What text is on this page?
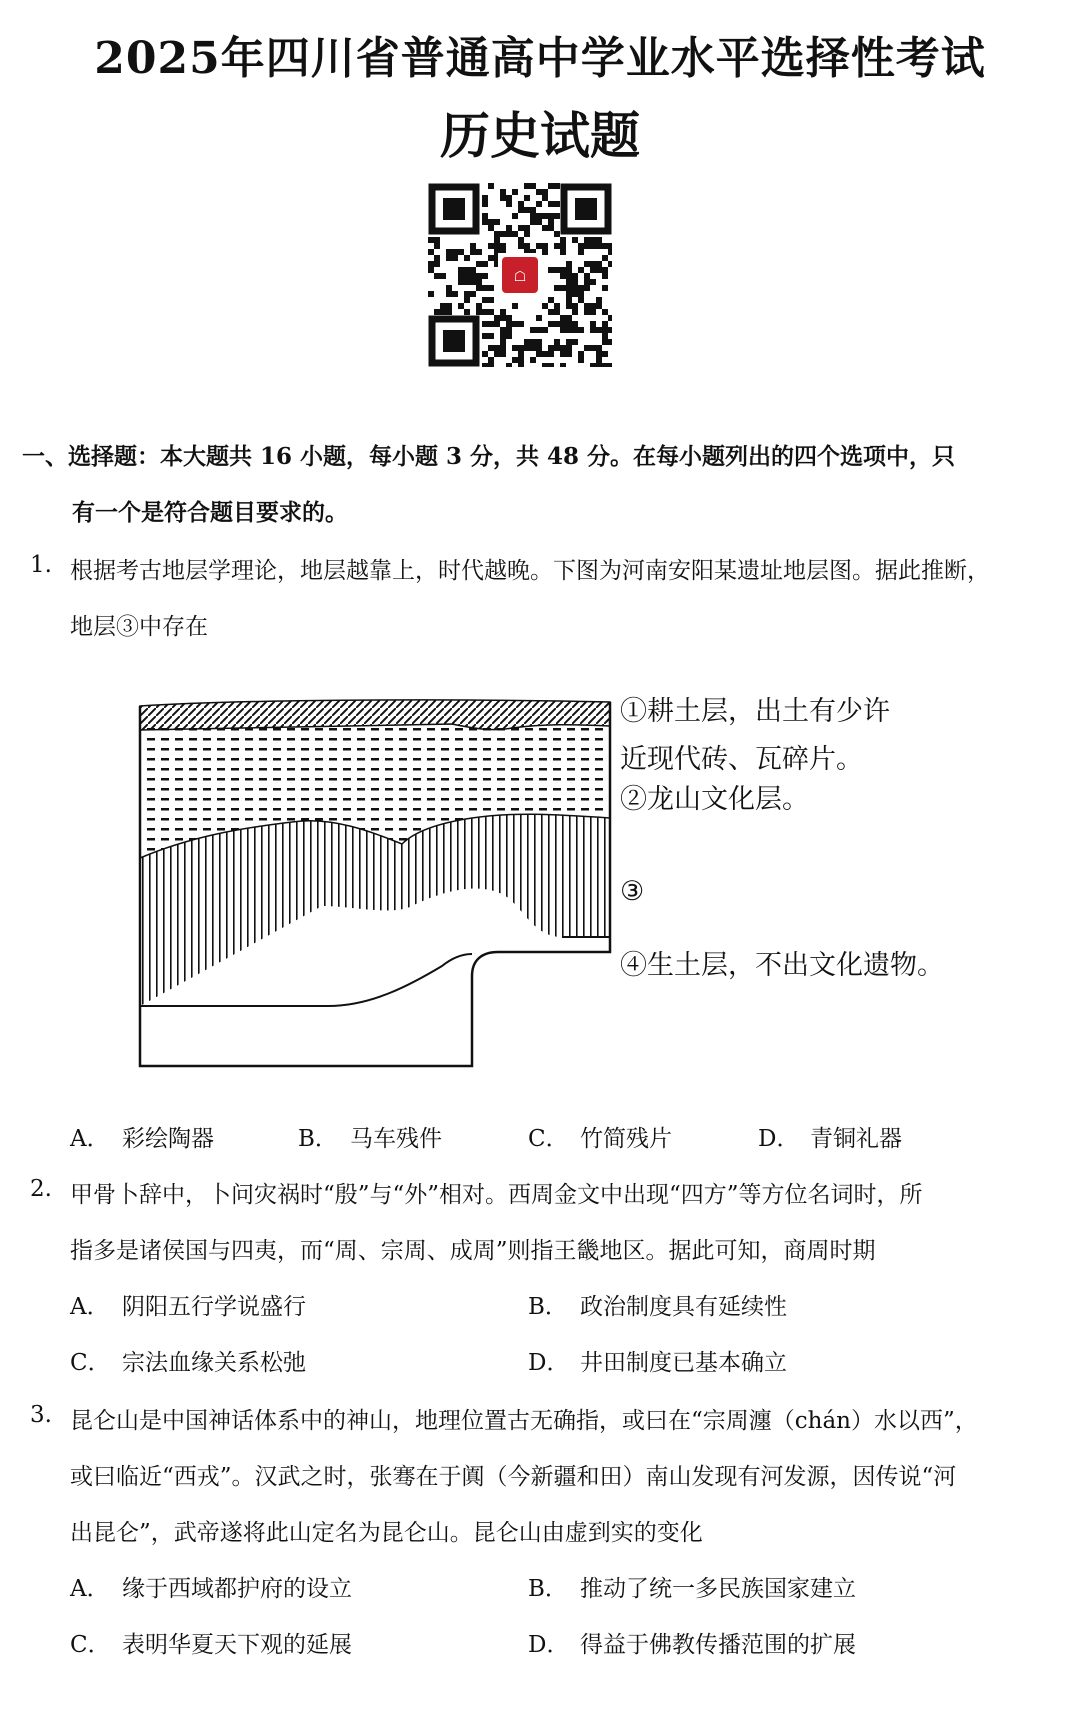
2025年四川省普通高中学业水平选择性考试
历史试题
☖
一、选择题：本大题共 16 小题，每小题 3 分，共 48 分。在每小题列出的四个选项中，只
有一个是符合题目要求的。
1. 根据考古地层学理论，地层越靠上，时代越晚。下图为河南安阳某遗址地层图。据此推断，
地层③中存在
①耕土层，出土有少许
近现代砖、瓦碎片。
②龙山文化层。
③
④生土层，不出文化遗物。
A． 彩绘陶器	B． 马车残件	C． 竹简残片	D． 青铜礼器
2. 甲骨卜辞中，卜问灾祸时“殷”与“外”相对。西周金文中出现“四方”等方位名词时，所
指多是诸侯国与四夷，而“周、宗周、成周”则指王畿地区。据此可知，商周时期
A． 阴阳五行学说盛行	B． 政治制度具有延续性
C． 宗法血缘关系松弛	D． 井田制度已基本确立
3. 昆仑山是中国神话体系中的神山，地理位置古无确指，或曰在“宗周瀍（chán）水以西”，
或曰临近“西戎”。汉武之时，张骞在于阗（今新疆和田）南山发现有河发源，因传说“河
出昆仑”，武帝遂将此山定名为昆仑山。昆仑山由虚到实的变化
A． 缘于西域都护府的设立	B． 推动了统一多民族国家建立
C． 表明华夏天下观的延展	D． 得益于佛教传播范围的扩展
